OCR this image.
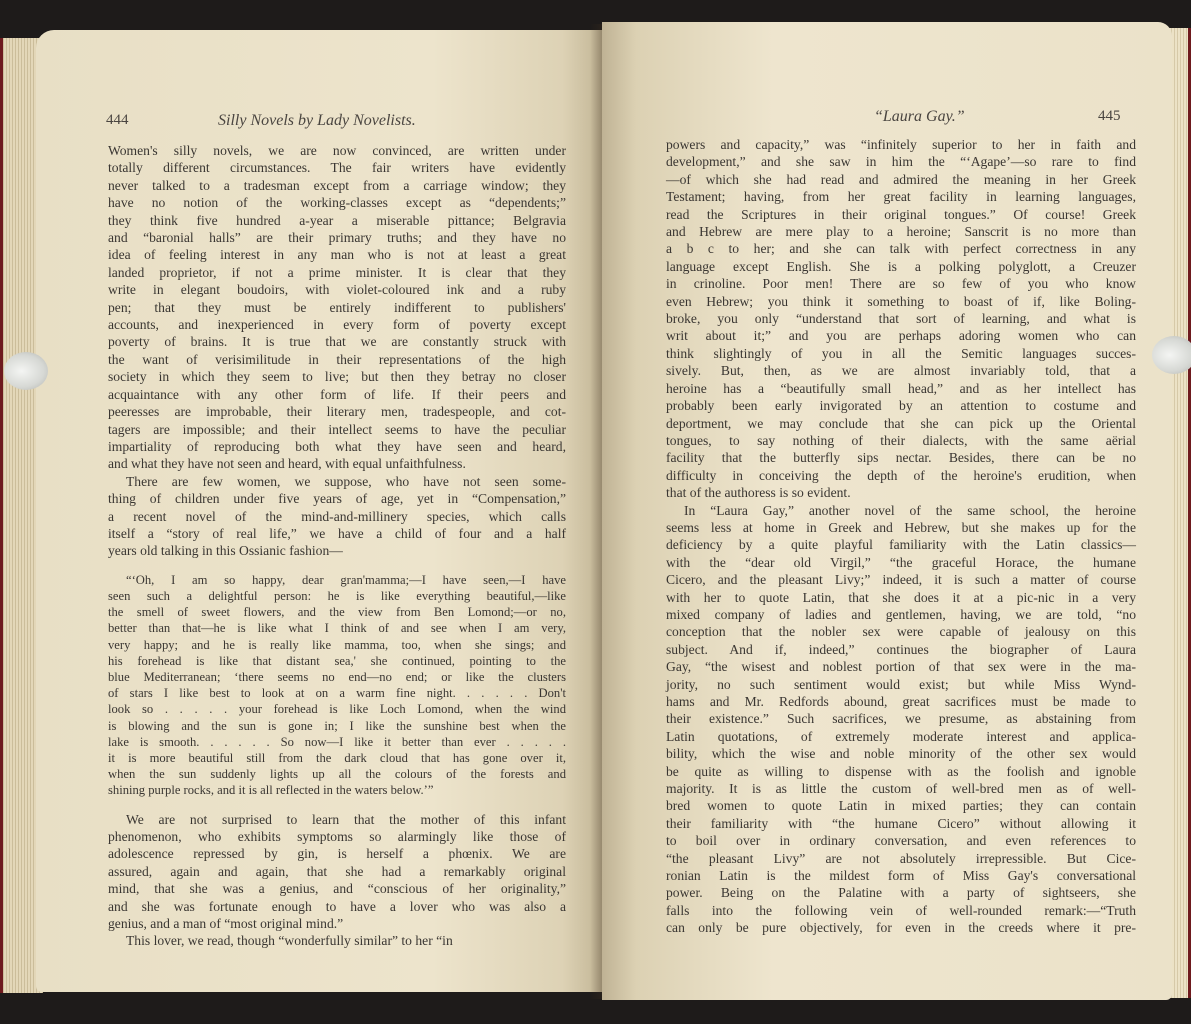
444	Silly Novels by Lady Novelists.
Women's silly novels, we are now convinced, are written under
totally different circumstances. The fair writers have evidently
never talked to a tradesman except from a carriage window; they
have no notion of the working-classes except as “dependents;”
they think five hundred a-year a miserable pittance; Belgravia
and “baronial halls” are their primary truths; and they have no
idea of feeling interest in any man who is not at least a great
landed proprietor, if not a prime minister. It is clear that they
write in elegant boudoirs, with violet-coloured ink and a ruby
pen; that they must be entirely indifferent to publishers'
accounts, and inexperienced in every form of poverty except
poverty of brains. It is true that we are constantly struck with
the want of verisimilitude in their representations of the high
society in which they seem to live; but then they betray no closer
acquaintance with any other form of life. If their peers and
peeresses are improbable, their literary men, tradespeople, and cot-
tagers are impossible; and their intellect seems to have the peculiar
impartiality of reproducing both what they have seen and heard,
and what they have not seen and heard, with equal unfaithfulness.
There are few women, we suppose, who have not seen some-
thing of children under five years of age, yet in “Compensation,”
a recent novel of the mind-and-millinery species, which calls
itself a “story of real life,” we have a child of four and a half
years old talking in this Ossianic fashion—
“‘Oh, I am so happy, dear gran'mamma;—I have seen,—I have
seen such a delightful person: he is like everything beautiful,—like
the smell of sweet flowers, and the view from Ben Lomond;—or no,
better than that—he is like what I think of and see when I am very,
very happy; and he is really like mamma, too, when she sings; and
his forehead is like that distant sea,' she continued, pointing to the
blue Mediterranean; ‘there seems no end—no end; or like the clusters
of stars I like best to look at on a warm fine night. . . . . . Don't
look so . . . . . your forehead is like Loch Lomond, when the wind
is blowing and the sun is gone in; I like the sunshine best when the
lake is smooth. . . . . . So now—I like it better than ever . . . . .
it is more beautiful still from the dark cloud that has gone over it,
when the sun suddenly lights up all the colours of the forests and
shining purple rocks, and it is all reflected in the waters below.’”
We are not surprised to learn that the mother of this infant
phenomenon, who exhibits symptoms so alarmingly like those of
adolescence repressed by gin, is herself a phœnix. We are
assured, again and again, that she had a remarkably original
mind, that she was a genius, and “conscious of her originality,”
and she was fortunate enough to have a lover who was also a
genius, and a man of “most original mind.”
This lover, we read, though “wonderfully similar” to her “in
“Laura Gay.”	445
powers and capacity,” was “infinitely superior to her in faith and
development,” and she saw in him the “‘Agape’—so rare to find
—of which she had read and admired the meaning in her Greek
Testament; having, from her great facility in learning languages,
read the Scriptures in their original tongues.” Of course! Greek
and Hebrew are mere play to a heroine; Sanscrit is no more than
a b c to her; and she can talk with perfect correctness in any
language except English. She is a polking polyglott, a Creuzer
in crinoline. Poor men! There are so few of you who know
even Hebrew; you think it something to boast of if, like Boling-
broke, you only “understand that sort of learning, and what is
writ about it;” and you are perhaps adoring women who can
think slightingly of you in all the Semitic languages succes-
sively. But, then, as we are almost invariably told, that a
heroine has a “beautifully small head,” and as her intellect has
probably been early invigorated by an attention to costume and
deportment, we may conclude that she can pick up the Oriental
tongues, to say nothing of their dialects, with the same aërial
facility that the butterfly sips nectar. Besides, there can be no
difficulty in conceiving the depth of the heroine's erudition, when
that of the authoress is so evident.
In “Laura Gay,” another novel of the same school, the heroine
seems less at home in Greek and Hebrew, but she makes up for the
deficiency by a quite playful familiarity with the Latin classics—
with the “dear old Virgil,” “the graceful Horace, the humane
Cicero, and the pleasant Livy;” indeed, it is such a matter of course
with her to quote Latin, that she does it at a pic-nic in a very
mixed company of ladies and gentlemen, having, we are told, “no
conception that the nobler sex were capable of jealousy on this
subject. And if, indeed,” continues the biographer of Laura
Gay, “the wisest and noblest portion of that sex were in the ma-
jority, no such sentiment would exist; but while Miss Wynd-
hams and Mr. Redfords abound, great sacrifices must be made to
their existence.” Such sacrifices, we presume, as abstaining from
Latin quotations, of extremely moderate interest and applica-
bility, which the wise and noble minority of the other sex would
be quite as willing to dispense with as the foolish and ignoble
majority. It is as little the custom of well-bred men as of well-
bred women to quote Latin in mixed parties; they can contain
their familiarity with “the humane Cicero” without allowing it
to boil over in ordinary conversation, and even references to
“the pleasant Livy” are not absolutely irrepressible. But Cice-
ronian Latin is the mildest form of Miss Gay's conversational
power. Being on the Palatine with a party of sightseers, she
falls into the following vein of well-rounded remark:—“Truth
can only be pure objectively, for even in the creeds where it pre-
